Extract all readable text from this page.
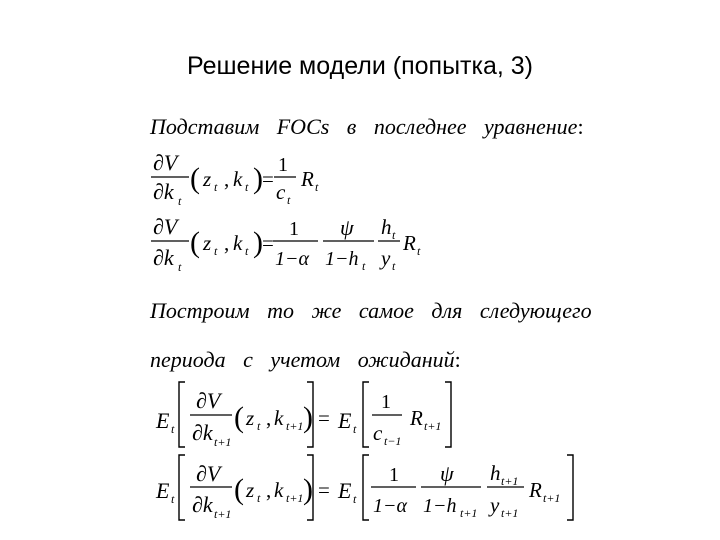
Решение модели (попытка, 3)
Подставим FOCs в последнее уравнение:
Построим то же самое для следующего
периода с учетом ожиданий:
∂V
∂k t
( z t , k t ) =
1
c t
R t
∂V
∂k t
( z t , k t ) =
1
1−α
ψ
1−h t
h t
y t
R t
E t
∂V
∂k t+1
( z t , k t+1 ) = E t
1
c t−1
R t+1
E t
∂V
∂k t+1
( z t , k t+1 ) = E t
1
1−α
ψ
1−h t+1
h t+1
y t+1
R t+1
